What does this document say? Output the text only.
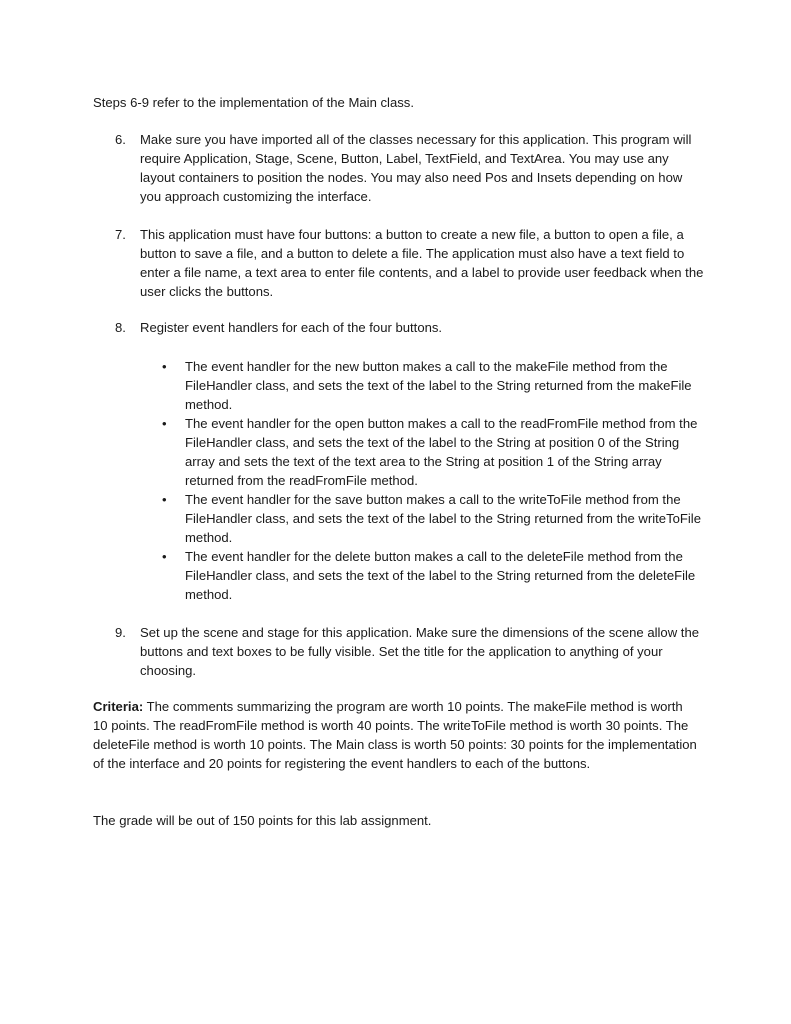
Steps 6-9 refer to the implementation of the Main class.

6.	Make sure you have imported all of the classes necessary for this application. This program will require Application, Stage, Scene, Button, Label, TextField, and TextArea. You may use any layout containers to position the nodes. You may also need Pos and Insets depending on how you approach customizing the interface.

7.	This application must have four buttons: a button to create a new file, a button to open a file, a button to save a file, and a button to delete a file. The application must also have a text field to enter a file name, a text area to enter file contents, and a label to provide user feedback when the user clicks the buttons.

8.	Register event handlers for each of the four buttons.

• The event handler for the new button makes a call to the makeFile method from the FileHandler class, and sets the text of the label to the String returned from the makeFile method.
• The event handler for the open button makes a call to the readFromFile method from the FileHandler class, and sets the text of the label to the String at position 0 of the String array and sets the text of the text area to the String at position 1 of the String array returned from the readFromFile method.
• The event handler for the save button makes a call to the writeToFile method from the FileHandler class, and sets the text of the label to the String returned from the writeToFile method.
• The event handler for the delete button makes a call to the deleteFile method from the FileHandler class, and sets the text of the label to the String returned from the deleteFile method.
9.	Set up the scene and stage for this application. Make sure the dimensions of the scene allow the buttons and text boxes to be fully visible. Set the title for the application to anything of your choosing.

Criteria: The comments summarizing the program are worth 10 points. The makeFile method is worth 10 points. The readFromFile method is worth 40 points. The writeToFile method is worth 30 points. The deleteFile method is worth 10 points. The Main class is worth 50 points: 30 points for the implementation of the interface and 20 points for registering the event handlers to each of the buttons.

The grade will be out of 150 points for this lab assignment.
